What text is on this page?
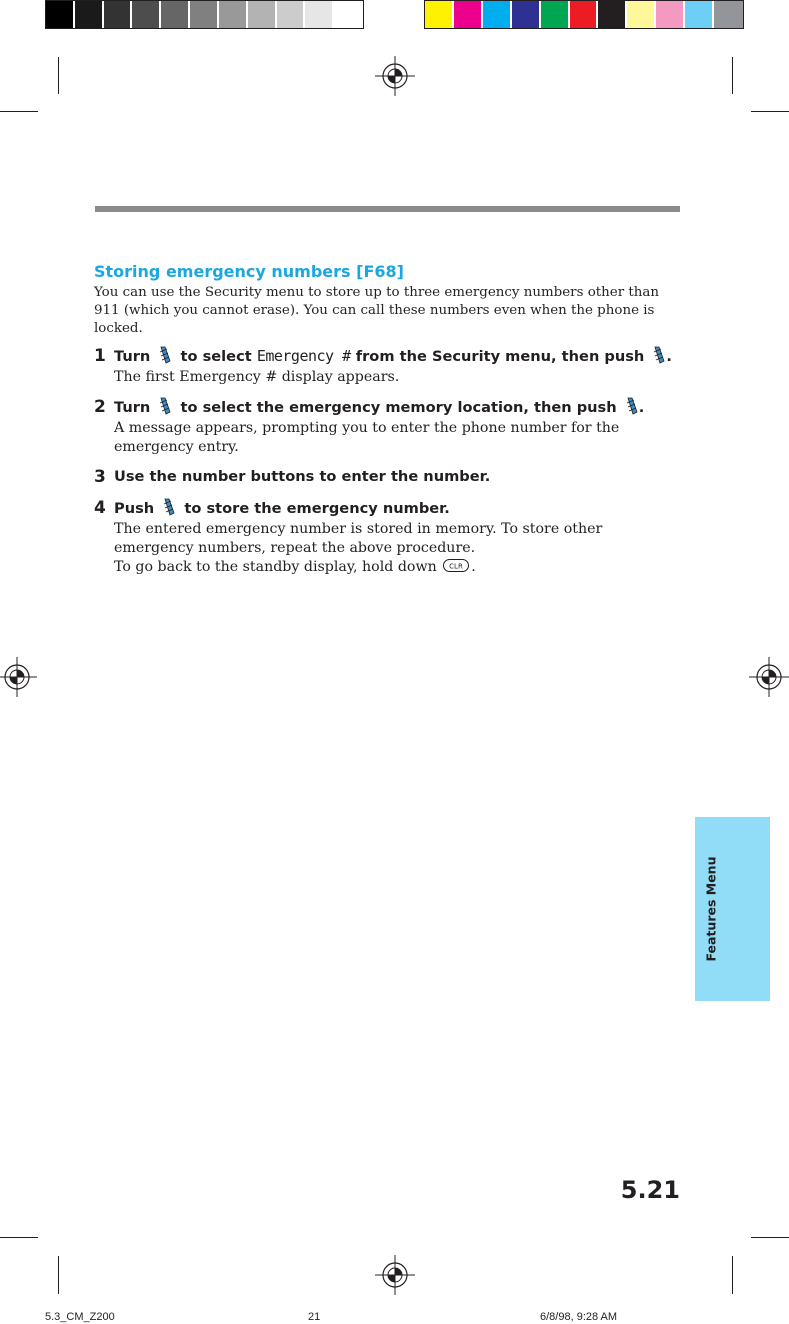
Storing emergency numbers [F68]
You can use the Security menu to store up to three emergency numbers other than
911 (which you cannot erase). You can call these numbers even when the phone is
locked.
1 Turn to select Emergency # from the Security menu, then push .
The first Emergency # display appears.
2 Turn to select the emergency memory location, then push .
A message appears, prompting you to enter the phone number for the
emergency entry.
3 Use the number buttons to enter the number.
4 Push to store the emergency number.
The entered emergency number is stored in memory. To store other
emergency numbers, repeat the above procedure.
To go back to the standby display, hold down CLR .
Features Menu
5.21
5.3_CM_Z200	21	6/8/98, 9:28 AM
